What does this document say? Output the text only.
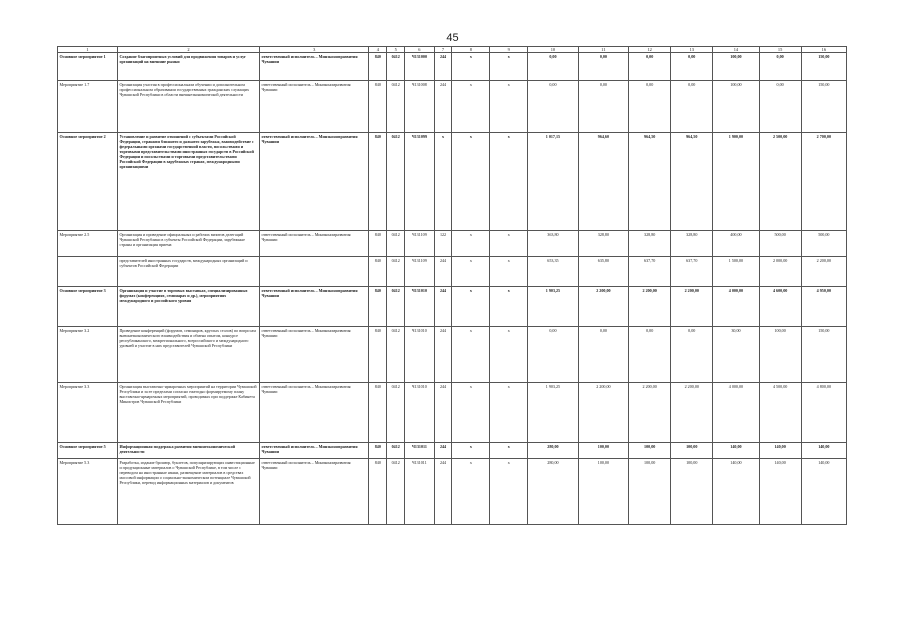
45
1	2	3	4	5	6	7	8	9	10	11	12	13	14	15	16
Основное мероприятие 1	Создание благоприятных условий для продвижения товаров и услуг организаций на внешние рынки	ответственный исполнитель – Минэкономразвития Чувашии	840	0412	Ч131000	244	x	x	0,00	0,00	0,00	0,00	100,00	0,00	150,00
Мероприятие 1.7	Организация участия в профессиональном обучении и дополнительном профессиональном образовании государственных гражданских служащих Чувашской Республики в области внешнеэкономической деятельности	ответственный исполнитель – Минэкономразвития Чувашии	840	0412	Ч131008	244	x	x	0,00	0,00	0,00	0,00	100,00	0,00	150,00
Основное мероприятие 2	Установление и развитие отношений с субъектами Российской Федерации, странами ближнего и дальнего зарубежья, взаимодействие с федеральными органами государственной власти, посольствами и торговыми представительствами иностранных государств в Российской Федерации и посольствами и торговыми представительствами Российской Федерации в зарубежных странах, международными организациями	ответственный исполнитель – Минэкономразвития Чувашии	840	0412	Ч131099	x	x	x	1 017,15	964,60	964,50	964,50	1 900,00	2 500,00	2 700,00
Мероприятие 2.5	Организация и проведение официальных и рабочих визитов делегаций Чувашской Республики в субъекты Российской Федерации, зарубежные страны и организация приема	ответственный исполнитель – Минэкономразвития Чувашии	840	0412	Ч131109	122	x	x	363,80	328,80	328,80	328,80	400,00	500,00	500,00
	представителей иностранных государств, международных организаций и субъектов Российской Федерации		840	0412	Ч131109	244	x	x	653,35	635,80	637,70	637,70	1 500,00	2 000,00	2 200,00
Основное мероприятие 3	Организация и участие в торговых выставках, специализированных форумах (конференциях, семинарах и др.), мероприятиях международного и российского уровня	ответственный исполнитель – Минэкономразвития Чувашии	840	0412	Ч131010	244	x	x	1 903,25	2 200,00	2 200,00	2 200,00	4 000,00	4 600,00	4 950,00
Мероприятие 3.2	Проведение конференций (форумов, семинаров, круглых столов) по вопросам внешнеэкономического взаимодействия и обмена опытом, конкурсе республиканского, межрегионального, всероссийского и международного уровней и участие в них представителей Чувашской Республики	ответственный исполнитель – Минэкономразвития Чувашии	840	0412	Ч131010	244	x	x	0,00	0,00	0,00	0,00	30,00	100,00	150,00
Мероприятие 3.3	Организация выставочно-ярмарочных мероприятий на территории Чувашской Республики и за ее пределами согласно ежегодно формируемому плану выставочно-ярмарочных мероприятий, проводимых при поддержке Кабинета Министров Чувашской Республики	ответственный исполнитель – Минэкономразвития Чувашии	840	0412	Ч131010	244	x	x	1 903,25	2 200,00	2 200,00	2 200,00	4 000,00	4 500,00	4 800,00
Основное мероприятие 5	Информационная поддержка развития внешнеэкономической деятельности	ответственный исполнитель – Минэкономразвития Чувашии	840	0412	Ч131011	244	x	x	280,00	100,00	100,00	100,00	140,00	140,00	140,00
Мероприятие 5.3	Разработка, издание брошюр, буклетов, популяризирующих инвестиционные и продукционные материалов о Чувашской Республике, в том числе с переводом на иностранные языки, размещение материалов в средствах массовой информации о социально-экономическом потенциале Чувашской Республики, перевод информационных материалов и документов	ответственный исполнитель – Минэкономразвития Чувашии	840	0412	Ч131011	244	x	x	280,00	100,00	100,00	100,00	140,00	140,00	140,00
